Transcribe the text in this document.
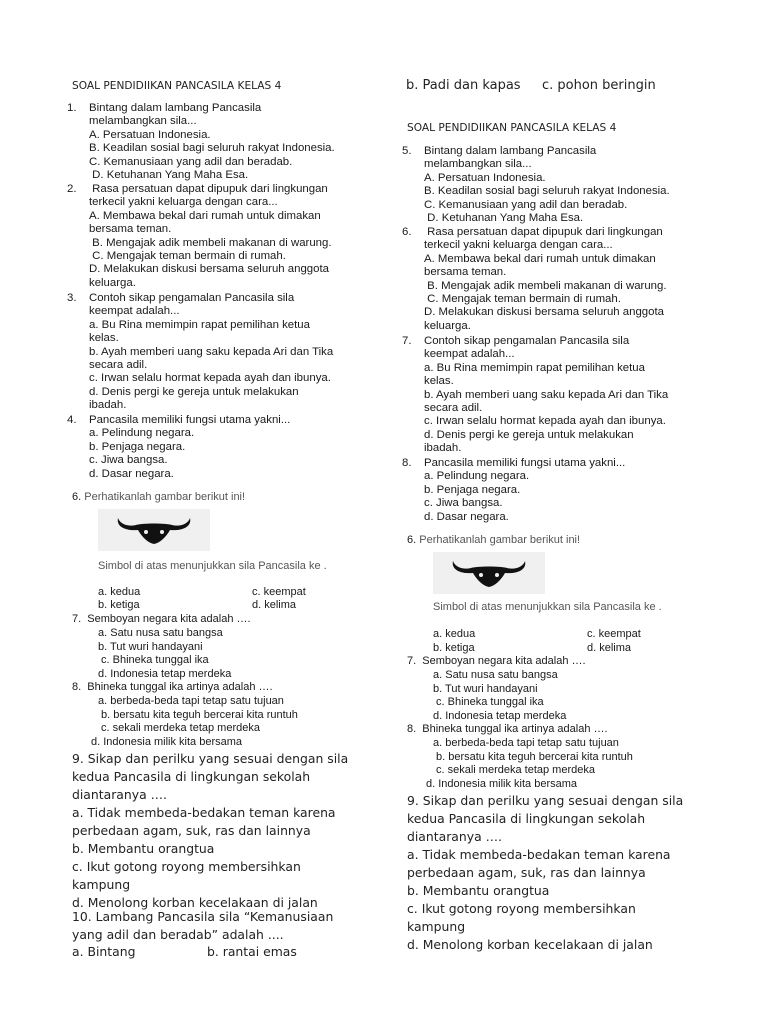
SOAL PENDIDIIKAN PANCASILA KELAS 4
1. Bintang dalam lambang Pancasila
melambangkan sila...
A. Persatuan Indonesia.
B. Keadilan sosial bagi seluruh rakyat Indonesia.
C. Kemanusiaan yang adil dan beradab.
D. Ketuhanan Yang Maha Esa.
2. Rasa persatuan dapat dipupuk dari lingkungan
terkecil yakni keluarga dengan cara...
A. Membawa bekal dari rumah untuk dimakan
bersama teman.
B. Mengajak adik membeli makanan di warung.
C. Mengajak teman bermain di rumah.
D. Melakukan diskusi bersama seluruh anggota
keluarga.
3. Contoh sikap pengamalan Pancasila sila
keempat adalah...
a. Bu Rina memimpin rapat pemilihan ketua
kelas.
b. Ayah memberi uang saku kepada Ari dan Tika
secara adil.
c. Irwan selalu hormat kepada ayah dan ibunya.
d. Denis pergi ke gereja untuk melakukan
ibadah.
4. Pancasila memiliki fungsi utama yakni...
a. Pelindung negara.
b. Penjaga negara.
c. Jiwa bangsa.
d. Dasar negara.
6. Perhatikanlah gambar berikut ini!
Simbol di atas menunjukkan sila Pancasila ke .
a. kedua	c. keempat
b. ketiga	d. kelima
7.  Semboyan negara kita adalah ….
a. Satu nusa satu bangsa
b. Tut wuri handayani
c. Bhineka tunggal ika
d. Indonesia tetap merdeka
8.  Bhineka tunggal ika artinya adalah ….
a. berbeda-beda tapi tetap satu tujuan
b. bersatu kita teguh bercerai kita runtuh
c. sekali merdeka tetap merdeka
d. Indonesia milik kita bersama
9. Sikap dan perilku yang sesuai dengan sila
kedua Pancasila di lingkungan sekolah
diantaranya ….
a. Tidak membeda-bedakan teman karena
perbedaan agam, suk, ras dan lainnya
b. Membantu orangtua
c. Ikut gotong royong membersihkan
kampung
d. Menolong korban kecelakaan di jalan
10. Lambang Pancasila sila “Kemanusiaan
yang adil dan beradab” adalah ....
a. Bintang	b. rantai emas
b. Padi dan kapas c. pohon beringin
SOAL PENDIDIIKAN PANCASILA KELAS 4
5. Bintang dalam lambang Pancasila
melambangkan sila...
A. Persatuan Indonesia.
B. Keadilan sosial bagi seluruh rakyat Indonesia.
C. Kemanusiaan yang adil dan beradab.
D. Ketuhanan Yang Maha Esa.
6. Rasa persatuan dapat dipupuk dari lingkungan
terkecil yakni keluarga dengan cara...
A. Membawa bekal dari rumah untuk dimakan
bersama teman.
B. Mengajak adik membeli makanan di warung.
C. Mengajak teman bermain di rumah.
D. Melakukan diskusi bersama seluruh anggota
keluarga.
7. Contoh sikap pengamalan Pancasila sila
keempat adalah...
a. Bu Rina memimpin rapat pemilihan ketua
kelas.
b. Ayah memberi uang saku kepada Ari dan Tika
secara adil.
c. Irwan selalu hormat kepada ayah dan ibunya.
d. Denis pergi ke gereja untuk melakukan
ibadah.
8. Pancasila memiliki fungsi utama yakni...
a. Pelindung negara.
b. Penjaga negara.
c. Jiwa bangsa.
d. Dasar negara.
6. Perhatikanlah gambar berikut ini!
Simbol di atas menunjukkan sila Pancasila ke .
a. kedua	c. keempat
b. ketiga	d. kelima
7.  Semboyan negara kita adalah ….
a. Satu nusa satu bangsa
b. Tut wuri handayani
c. Bhineka tunggal ika
d. Indonesia tetap merdeka
8.  Bhineka tunggal ika artinya adalah ….
a. berbeda-beda tapi tetap satu tujuan
b. bersatu kita teguh bercerai kita runtuh
c. sekali merdeka tetap merdeka
d. Indonesia milik kita bersama
9. Sikap dan perilku yang sesuai dengan sila
kedua Pancasila di lingkungan sekolah
diantaranya ….
a. Tidak membeda-bedakan teman karena
perbedaan agam, suk, ras dan lainnya
b. Membantu orangtua
c. Ikut gotong royong membersihkan
kampung
d. Menolong korban kecelakaan di jalan
